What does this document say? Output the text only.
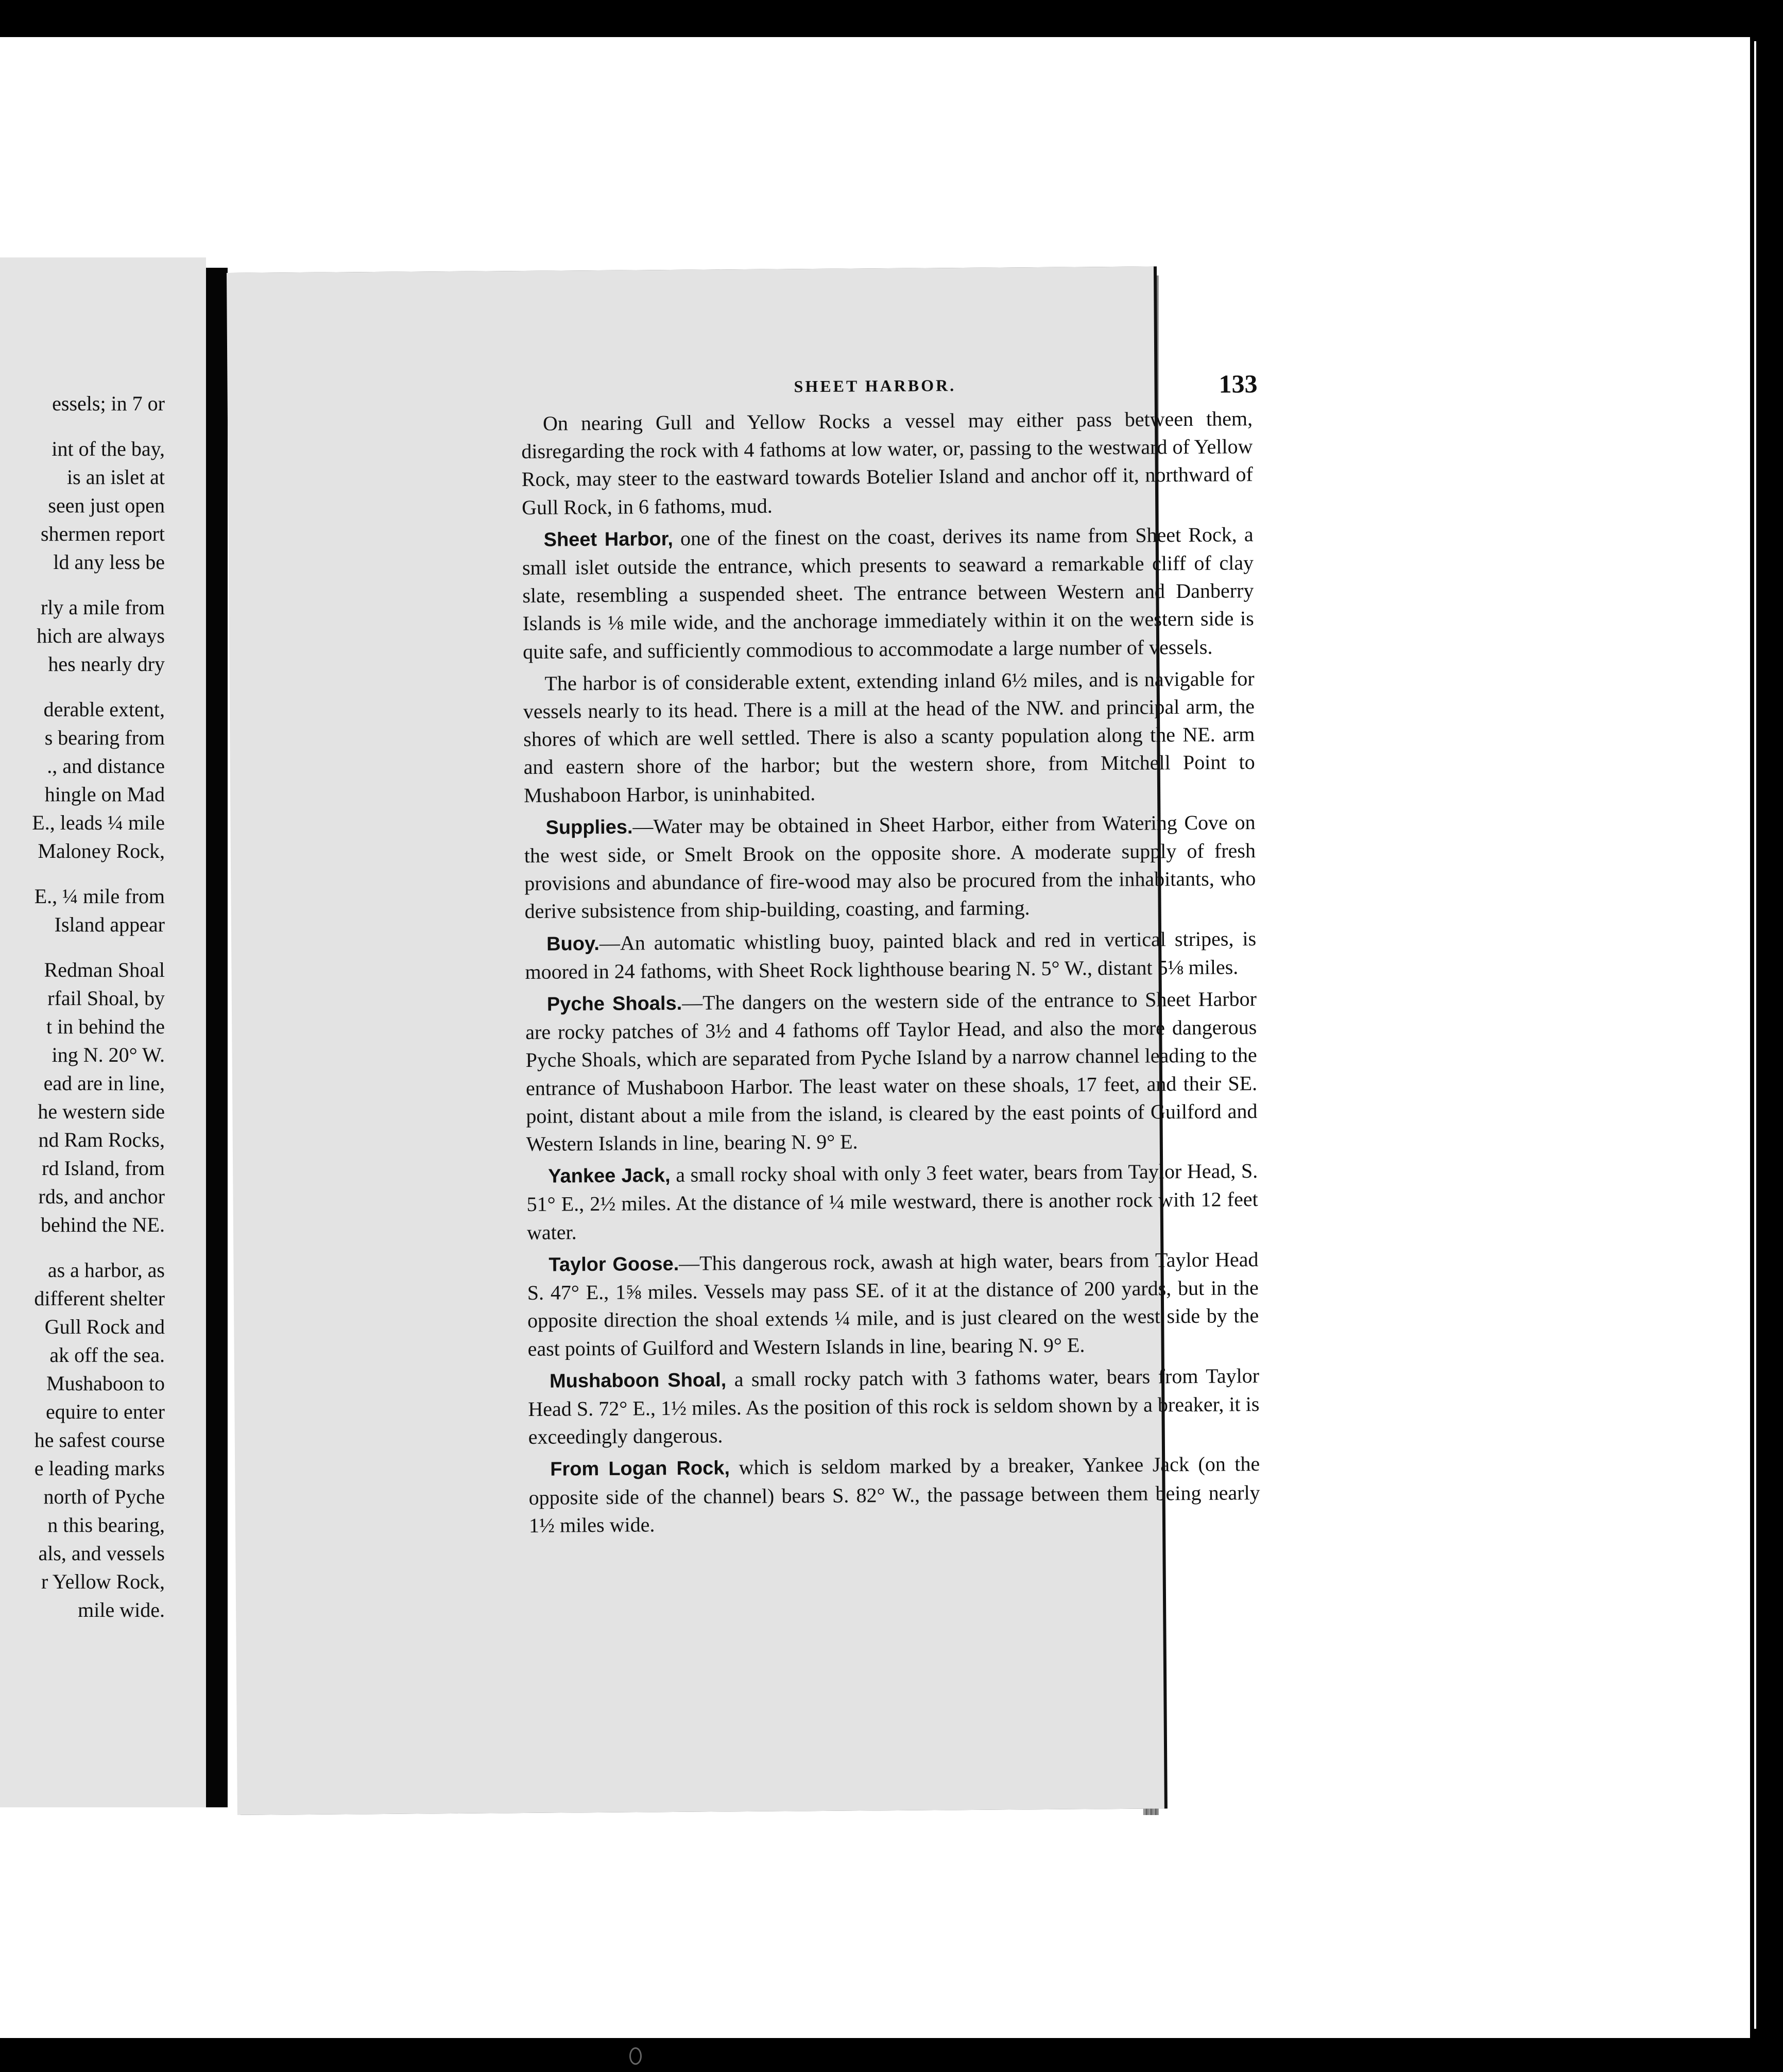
essels; in 7 or
int of the bay,
is an islet at
seen just open
shermen report
ld any less be
rly a mile from
hich are always
hes nearly dry
derable extent,
s bearing from
., and distance
hingle on Mad
E., leads ¼ mile
Maloney Rock,
E., ¼ mile from
Island appear
Redman Shoal
rfail Shoal, by
t in behind the
ing N. 20° W.
ead are in line,
he western side
nd Ram Rocks,
rd Island, from
rds, and anchor
behind the NE.
as a harbor, as
different shelter
Gull Rock and
ak off the sea.
Mushaboon to
equire to enter
he safest course
e leading marks
north of Pyche
n this bearing,
als, and vessels
r Yellow Rock,
mile wide.
SHEET HARBOR.	133

On nearing Gull and Yellow Rocks a vessel may either pass between them, disregarding the rock with 4 fathoms at low water, or, passing to the westward of Yellow Rock, may steer to the eastward towards Botelier Island and anchor off it, northward of Gull Rock, in 6 fathoms, mud.

Sheet Harbor, one of the finest on the coast, derives its name from Sheet Rock, a small islet outside the entrance, which presents to seaward a remarkable cliff of clay slate, resembling a suspended sheet. The entrance between Western and Danberry Islands is ⅛ mile wide, and the anchorage immediately within it on the western side is quite safe, and sufficiently commodious to accommodate a large number of vessels.

The harbor is of considerable extent, extending inland 6½ miles, and is navigable for vessels nearly to its head. There is a mill at the head of the NW. and principal arm, the shores of which are well settled. There is also a scanty population along the NE. arm and eastern shore of the harbor; but the western shore, from Mitchell Point to Mushaboon Harbor, is uninhabited.

Supplies.—Water may be obtained in Sheet Harbor, either from Watering Cove on the west side, or Smelt Brook on the opposite shore. A moderate supply of fresh provisions and abundance of fire-wood may also be procured from the inhabitants, who derive subsistence from ship-building, coasting, and farming.

Buoy.—An automatic whistling buoy, painted black and red in vertical stripes, is moored in 24 fathoms, with Sheet Rock lighthouse bearing N. 5° W., distant 5⅛ miles.

Pyche Shoals.—The dangers on the western side of the entrance to Sheet Harbor are rocky patches of 3½ and 4 fathoms off Taylor Head, and also the more dangerous Pyche Shoals, which are separated from Pyche Island by a narrow channel leading to the entrance of Mushaboon Harbor. The least water on these shoals, 17 feet, and their SE. point, distant about a mile from the island, is cleared by the east points of Guilford and Western Islands in line, bearing N. 9° E.

Yankee Jack, a small rocky shoal with only 3 feet water, bears from Taylor Head, S. 51° E., 2½ miles. At the distance of ¼ mile westward, there is another rock with 12 feet water.

Taylor Goose.—This dangerous rock, awash at high water, bears from Taylor Head S. 47° E., 1⅝ miles. Vessels may pass SE. of it at the distance of 200 yards, but in the opposite direction the shoal extends ¼ mile, and is just cleared on the west side by the east points of Guilford and Western Islands in line, bearing N. 9° E.

Mushaboon Shoal, a small rocky patch with 3 fathoms water, bears from Taylor Head S. 72° E., 1½ miles. As the position of this rock is seldom shown by a breaker, it is exceedingly dangerous.

From Logan Rock, which is seldom marked by a breaker, Yankee Jack (on the opposite side of the channel) bears S. 82° W., the passage between them being nearly 1½ miles wide.
